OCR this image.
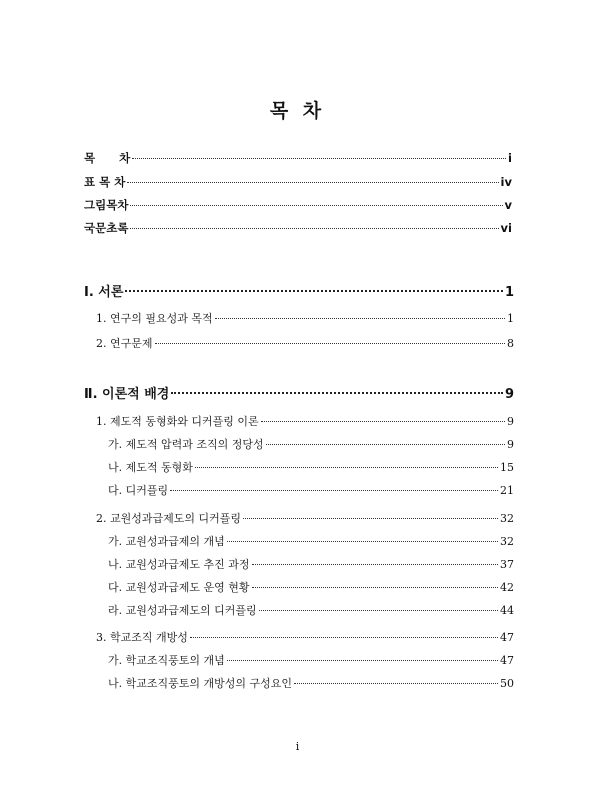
목 차
목      차	i
표 목 차	iv
그림목차	v
국문초록	vi
Ⅰ. 서론	1
1. 연구의 필요성과 목적	1
2. 연구문제	8
Ⅱ. 이론적 배경	9
1. 제도적 동형화와 디커플링 이론	9
가. 제도적 압력과 조직의 정당성	9
나. 제도적 동형화	15
다. 디커플링	21
2. 교원성과급제도의 디커플링	32
가. 교원성과급제의 개념	32
나. 교원성과급제도 추진 과정	37
다. 교원성과급제도 운영 현황	42
라. 교원성과급제도의 디커플링	44
3. 학교조직 개방성	47
가. 학교조직풍토의 개념	47
나. 학교조직풍토의 개방성의 구성요인	50
i
